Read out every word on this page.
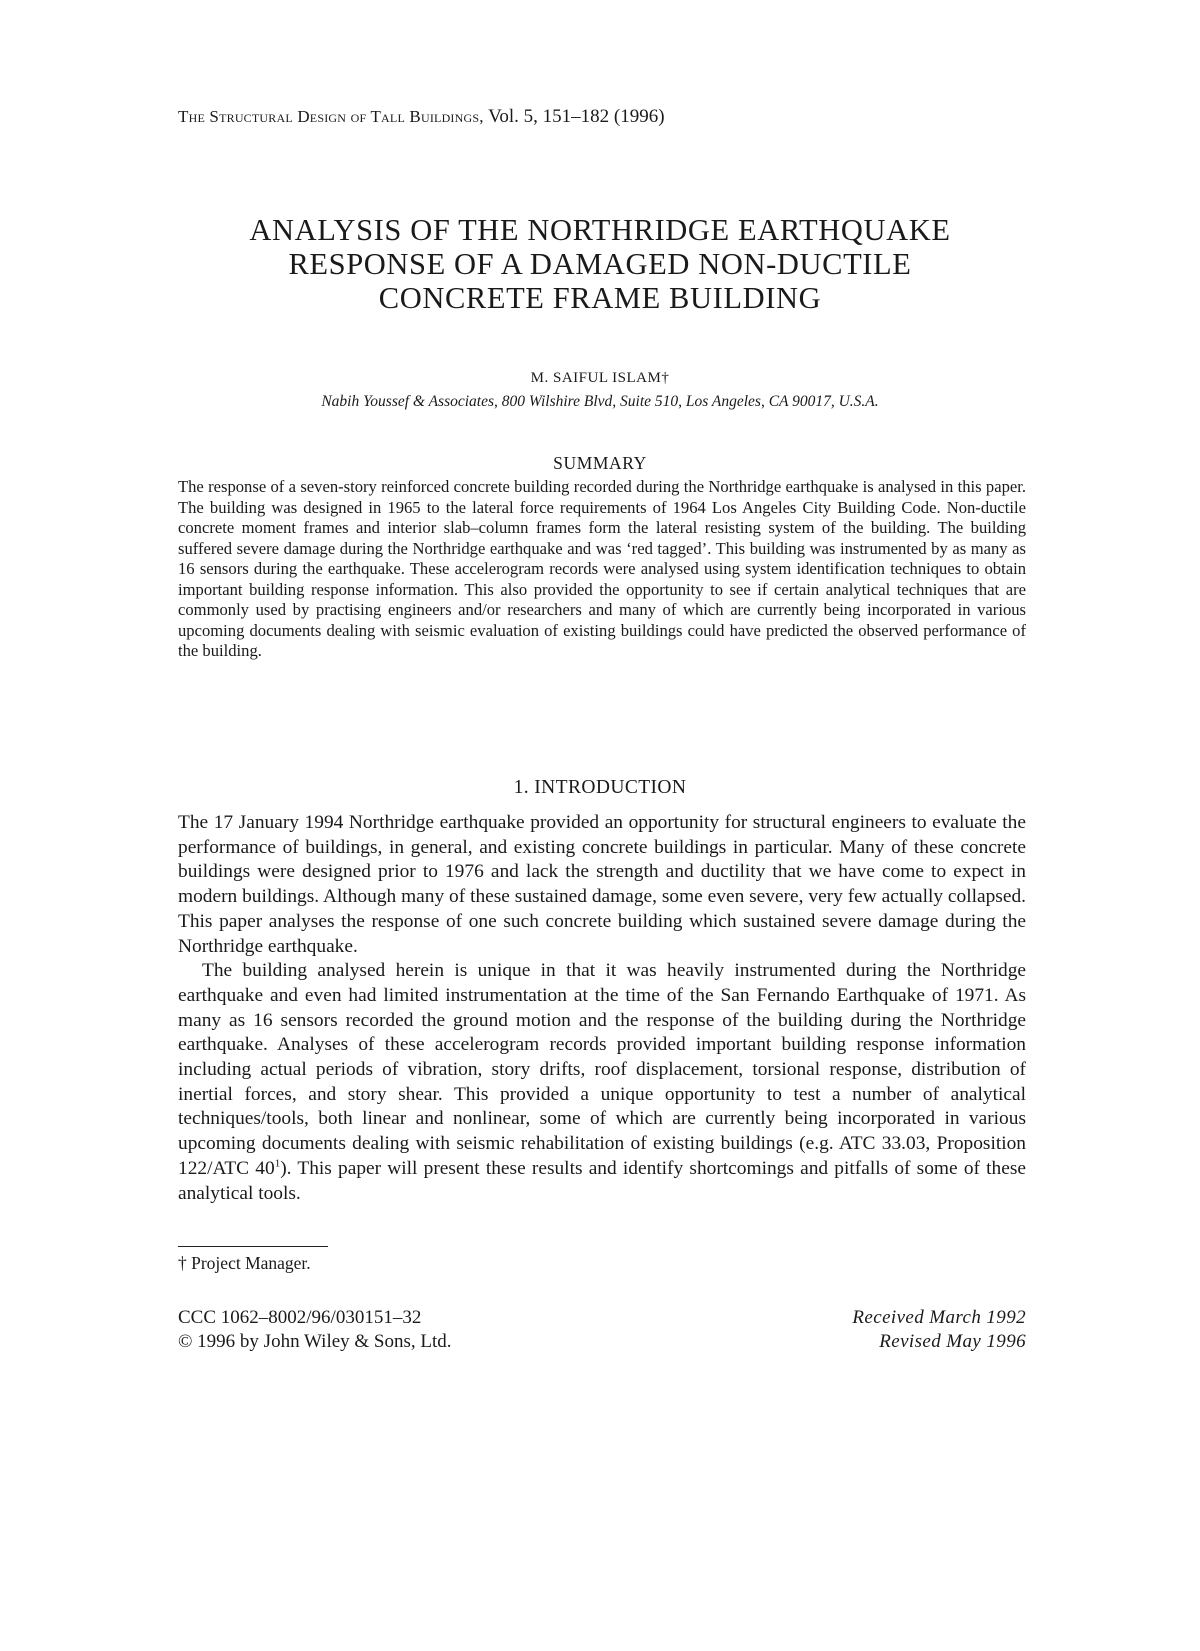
The Structural Design of Tall Buildings, Vol. 5, 151–182 (1996)
ANALYSIS OF THE NORTHRIDGE EARTHQUAKE
RESPONSE OF A DAMAGED NON-DUCTILE
CONCRETE FRAME BUILDING
M. SAIFUL ISLAM†
Nabih Youssef & Associates, 800 Wilshire Blvd, Suite 510, Los Angeles, CA 90017, U.S.A.
SUMMARY
The response of a seven-story reinforced concrete building recorded during the Northridge earthquake is analysed in this paper. The building was designed in 1965 to the lateral force requirements of 1964 Los Angeles City Building Code. Non-ductile concrete moment frames and interior slab–column frames form the lateral resisting system of the building. The building suffered severe damage during the Northridge earthquake and was ‘red tagged’. This building was instrumented by as many as 16 sensors during the earthquake. These accelerogram records were analysed using system identification techniques to obtain important building response information. This also provided the opportunity to see if certain analytical techniques that are commonly used by practising engineers and/or researchers and many of which are currently being incorporated in various upcoming documents dealing with seismic evaluation of existing buildings could have predicted the observed performance of the building.
1. INTRODUCTION

The 17 January 1994 Northridge earthquake provided an opportunity for structural engineers to evaluate the performance of buildings, in general, and existing concrete buildings in particular. Many of these concrete buildings were designed prior to 1976 and lack the strength and ductility that we have come to expect in modern buildings. Although many of these sustained damage, some even severe, very few actually collapsed. This paper analyses the response of one such concrete building which sustained severe damage during the Northridge earthquake.

The building analysed herein is unique in that it was heavily instrumented during the Northridge earthquake and even had limited instrumentation at the time of the San Fernando Earthquake of 1971. As many as 16 sensors recorded the ground motion and the response of the building during the Northridge earthquake. Analyses of these accelerogram records provided important building response information including actual periods of vibration, story drifts, roof displacement, torsional response, distribution of inertial forces, and story shear. This provided a unique opportunity to test a number of analytical techniques/tools, both linear and nonlinear, some of which are currently being incorporated in various upcoming documents dealing with seismic rehabilitation of existing buildings (e.g. ATC 33.03, Proposition 122/ATC $40^1$). This paper will present these results and identify shortcomings and pitfalls of some of these analytical tools.

† Project Manager.
CCC 1062–8002/96/030151–32
© 1996 by John Wiley & Sons, Ltd.
Received March 1992
Revised May 1996
